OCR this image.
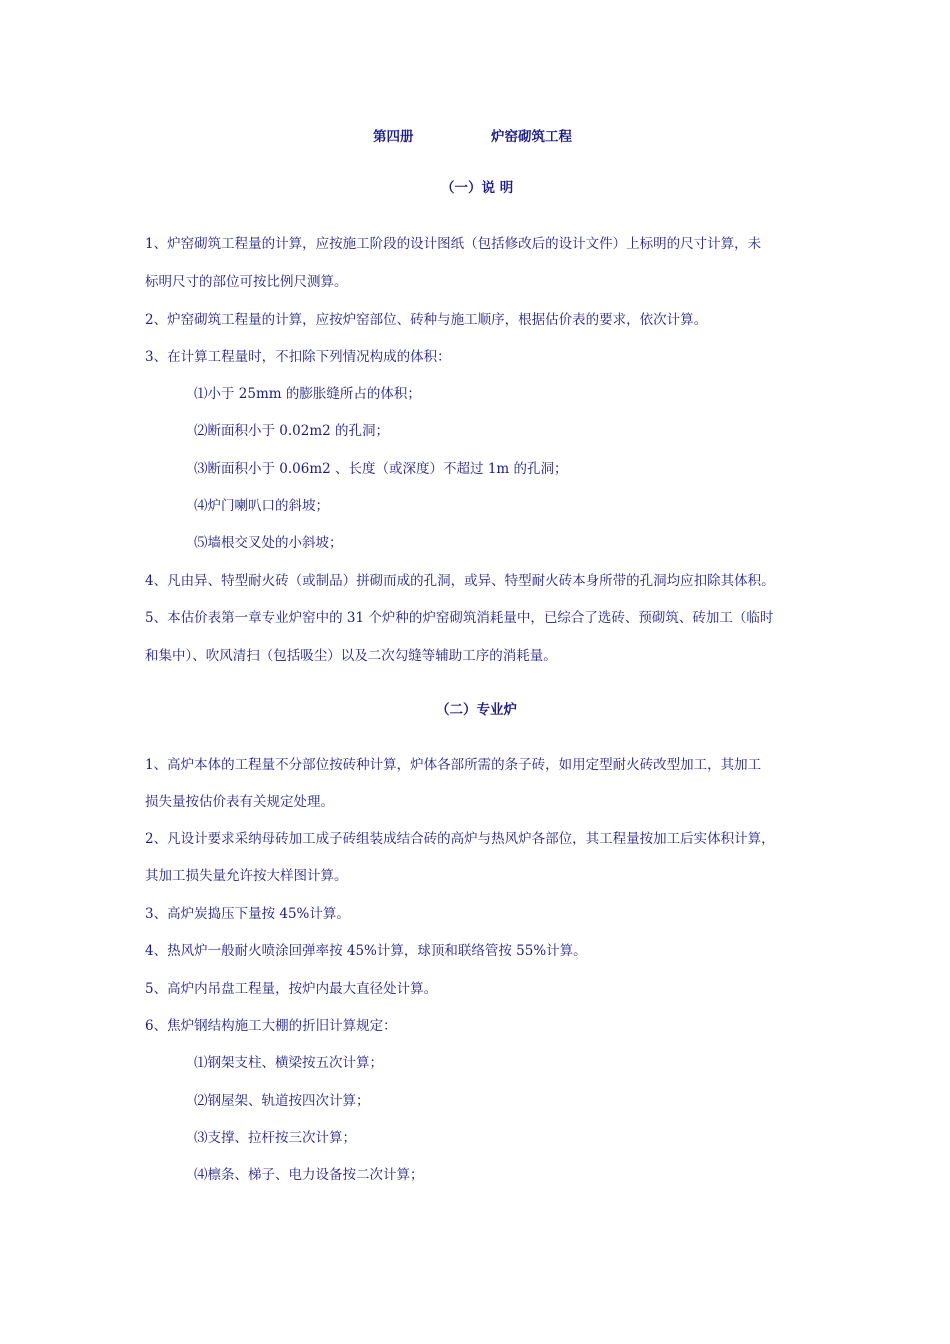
第四册	炉窑砌筑工程
（一）说 明
1、炉窑砌筑工程量的计算，应按施工阶段的设计图纸（包括修改后的设计文件）上标明的尺寸计算，未
标明尺寸的部位可按比例尺测算。
2、炉窑砌筑工程量的计算，应按炉窑部位、砖种与施工顺序，根据估价表的要求，依次计算。
3、在计算工程量时，不扣除下列情况构成的体积：
⑴小于 25mm 的膨胀缝所占的体积；
⑵断面积小于 0.02m2 的孔洞；
⑶断面积小于 0.06m2 、长度（或深度）不超过 1m 的孔洞；
⑷炉门喇叭口的斜坡；
⑸墙根交叉处的小斜坡；
4、凡由异、特型耐火砖（或制品）拼砌而成的孔洞，或异、特型耐火砖本身所带的孔洞均应扣除其体积。
5、本估价表第一章专业炉窑中的 31 个炉种的炉窑砌筑消耗量中，已综合了选砖、预砌筑、砖加工（临时
和集中）、吹风清扫（包括吸尘）以及二次勾缝等辅助工序的消耗量。
（二）专业炉
1、高炉本体的工程量不分部位按砖种计算，炉体各部所需的条子砖，如用定型耐火砖改型加工，其加工
损失量按估价表有关规定处理。
2、凡设计要求采纳母砖加工成子砖组装成结合砖的高炉与热风炉各部位，其工程量按加工后实体积计算，
其加工损失量允许按大样图计算。
3、高炉炭捣压下量按 45%计算。
4、热风炉一般耐火喷涂回弹率按 45%计算，球顶和联络管按 55%计算。
5、高炉内吊盘工程量，按炉内最大直径处计算。
6、焦炉钢结构施工大棚的折旧计算规定：
⑴钢架支柱、横梁按五次计算；
⑵钢屋架、轨道按四次计算；
⑶支撑、拉杆按三次计算；
⑷檩条、梯子、电力设备按二次计算；
